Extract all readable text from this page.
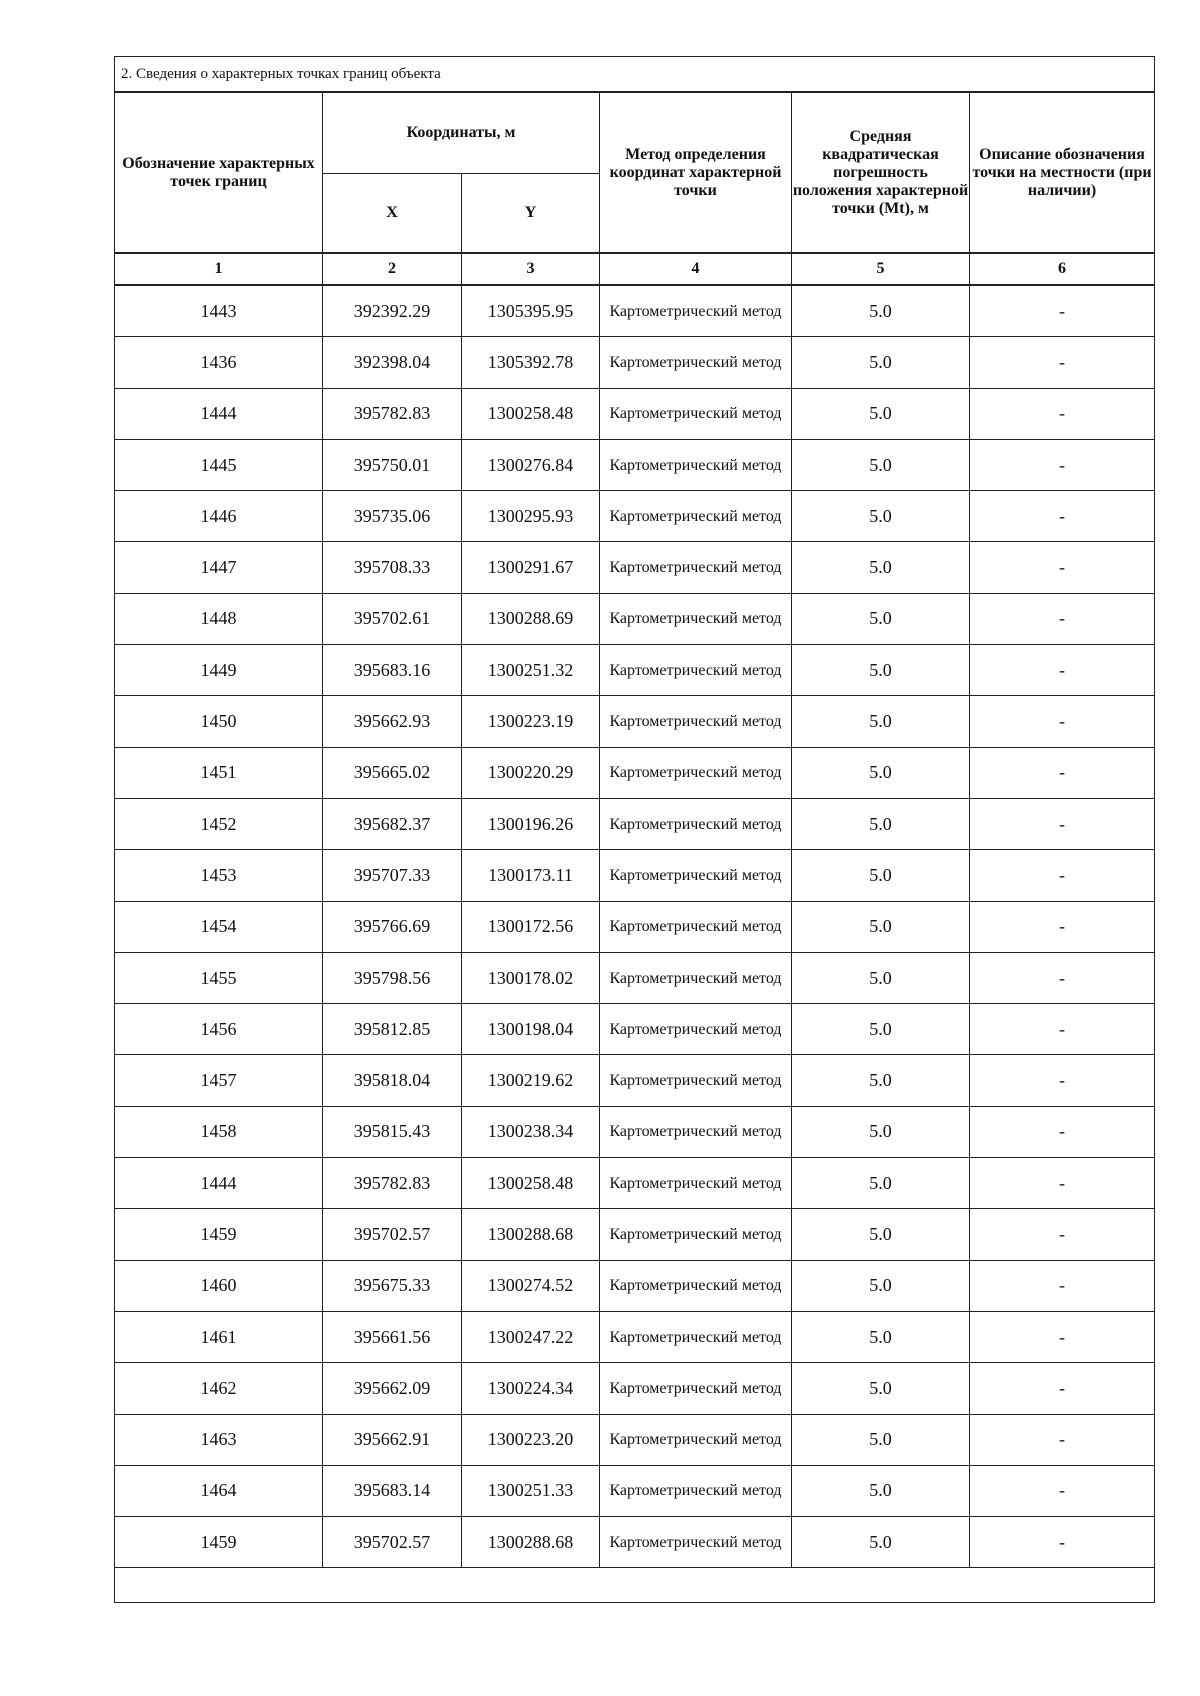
2. Сведения о характерных точках границ объекта					
Обозначение характерных точек границ	Координаты, м		Метод определения координат характерной точки	Средняя квадратическая погрешность положения характерной точки (Mt), м	Описание обозначения точки на местности (при наличии)
	X	Y			
1	2	3	4	5	6
1443	392392.29	1305395.95	Картометрический метод	5.0	-
1436	392398.04	1305392.78	Картометрический метод	5.0	-
1444	395782.83	1300258.48	Картометрический метод	5.0	-
1445	395750.01	1300276.84	Картометрический метод	5.0	-
1446	395735.06	1300295.93	Картометрический метод	5.0	-
1447	395708.33	1300291.67	Картометрический метод	5.0	-
1448	395702.61	1300288.69	Картометрический метод	5.0	-
1449	395683.16	1300251.32	Картометрический метод	5.0	-
1450	395662.93	1300223.19	Картометрический метод	5.0	-
1451	395665.02	1300220.29	Картометрический метод	5.0	-
1452	395682.37	1300196.26	Картометрический метод	5.0	-
1453	395707.33	1300173.11	Картометрический метод	5.0	-
1454	395766.69	1300172.56	Картометрический метод	5.0	-
1455	395798.56	1300178.02	Картометрический метод	5.0	-
1456	395812.85	1300198.04	Картометрический метод	5.0	-
1457	395818.04	1300219.62	Картометрический метод	5.0	-
1458	395815.43	1300238.34	Картометрический метод	5.0	-
1444	395782.83	1300258.48	Картометрический метод	5.0	-
1459	395702.57	1300288.68	Картометрический метод	5.0	-
1460	395675.33	1300274.52	Картометрический метод	5.0	-
1461	395661.56	1300247.22	Картометрический метод	5.0	-
1462	395662.09	1300224.34	Картометрический метод	5.0	-
1463	395662.91	1300223.20	Картометрический метод	5.0	-
1464	395683.14	1300251.33	Картометрический метод	5.0	-
1459	395702.57	1300288.68	Картометрический метод	5.0	-
